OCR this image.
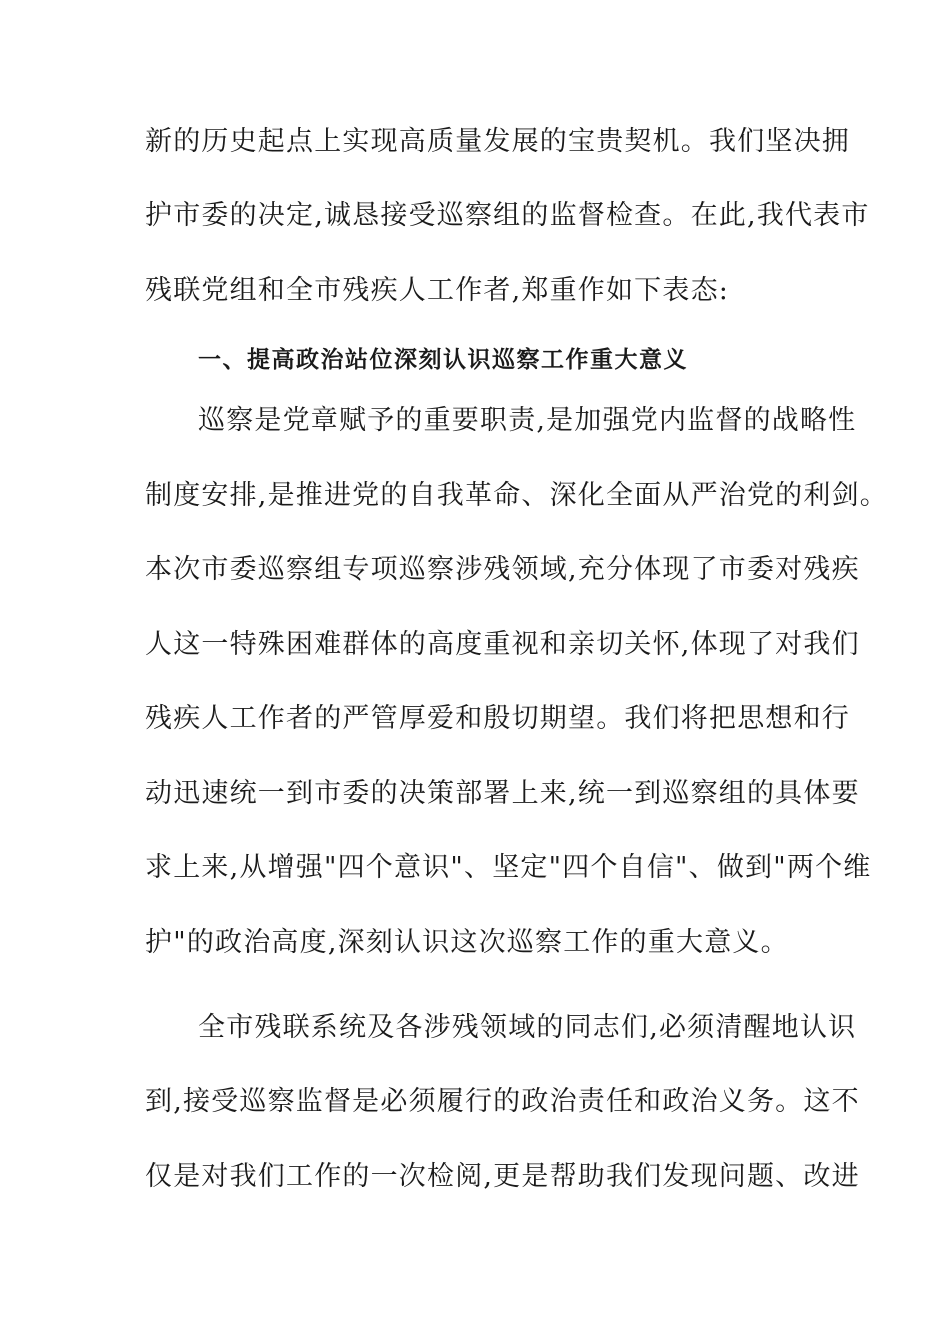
新的历史起点上实现高质量发展的宝贵契机。我们坚决拥
护市委的决定,诚恳接受巡察组的监督检查。在此,我代表市
残联党组和全市残疾人工作者,郑重作如下表态:
一、提高政治站位深刻认识巡察工作重大意义
巡察是党章赋予的重要职责,是加强党内监督的战略性
制度安排,是推进党的自我革命、深化全面从严治党的利剑。
本次市委巡察组专项巡察涉残领域,充分体现了市委对残疾
人这一特殊困难群体的高度重视和亲切关怀,体现了对我们
残疾人工作者的严管厚爱和殷切期望。我们将把思想和行
动迅速统一到市委的决策部署上来,统一到巡察组的具体要
求上来,从增强"四个意识"、坚定"四个自信"、做到"两个维
护"的政治高度,深刻认识这次巡察工作的重大意义。
全市残联系统及各涉残领域的同志们,必须清醒地认识
到,接受巡察监督是必须履行的政治责任和政治义务。这不
仅是对我们工作的一次检阅,更是帮助我们发现问题、改进
